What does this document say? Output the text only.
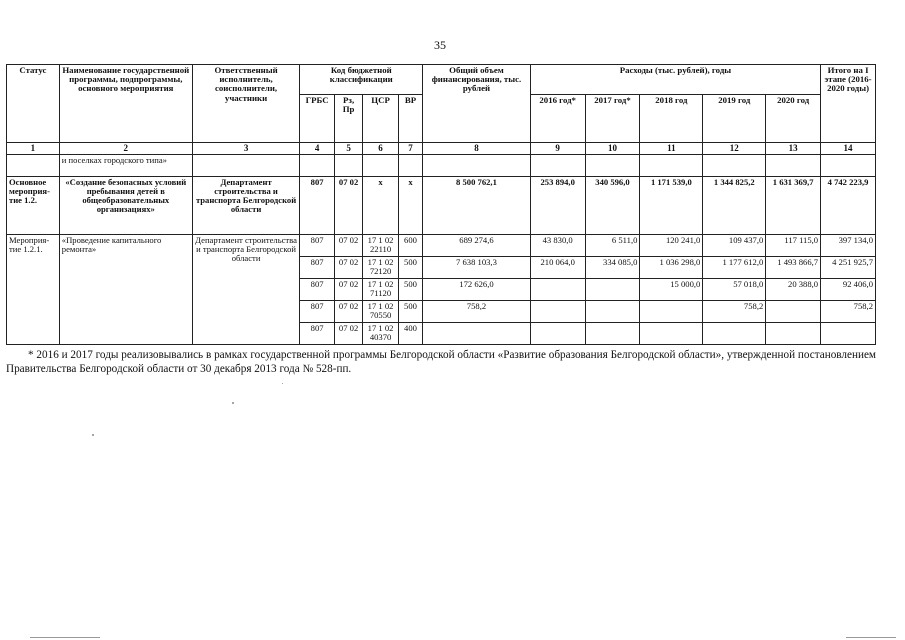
35
Статус	Наименование государственной программы, подпрограммы, основного мероприятия	Ответственный исполнитель, соисполнители, участники	Код бюджетной классификации				Общий объем финансирования, тыс. рублей	Расходы (тыс. рублей), годы					Итого на I этапе (2016-2020 годы)
			ГРБС	Рз, Пр	ЦСР	ВР		2016 год*	2017 год*	2018 год	2019 год	2020 год	
1	2	3	4	5	6	7	8	9	10	11	12	13	14
	и поселках городского типа»												
Основное мероприя-тие 1.2.	«Создание безопасных условий пребывания детей в общеобразовательных организациях»	Департамент строительства и транспорта Белгородской области	807	07 02	х	х	8 500 762,1	253 894,0	340 596,0	1 171 539,0	1 344 825,2	1 631 369,7	4 742 223,9
Мероприя-тие 1.2.1.	«Проведение капитального ремонта»	Департамент строительства и транспорта Белгородской области	807	07 02	17 1 02 22110	600	689 274,6	43 830,0	6 511,0	120 241,0	109 437,0	117 115,0	397 134,0
			807	07 02	17 1 02 72120	500	7 638 103,3	210 064,0	334 085,0	1 036 298,0	1 177 612,0	1 493 866,7	4 251 925,7
			807	07 02	17 1 02 71120	500	172 626,0			15 000,0	57 018,0	20 388,0	92 406,0
			807	07 02	17 1 02 70550	500	758,2				758,2		758,2
			807	07 02	17 1 02 40370	400							
* 2016 и 2017 годы реализовывались в рамках государственной программы Белгородской области «Развитие образования Белгородской области», утвержденной постановлением Правительства Белгородской области от 30 декабря 2013 года № 528-пп.
